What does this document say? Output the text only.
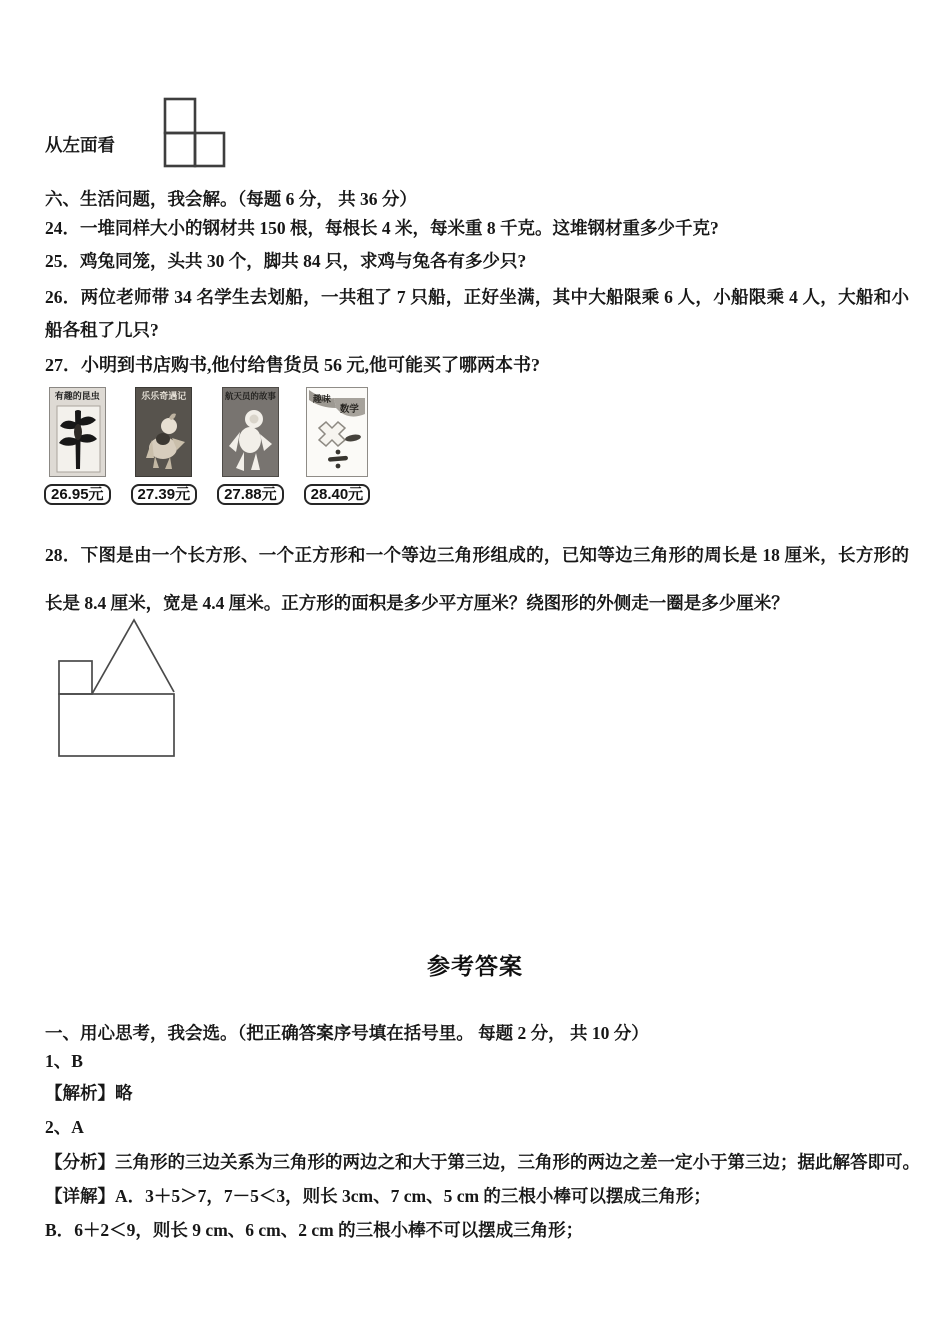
从左面看
六、生活问题，我会解。（每题 6 分， 共 36 分）
24．一堆同样大小的钢材共 150 根，每根长 4 米，每米重 8 千克。这堆钢材重多少千克?
25．鸡兔同笼，头共 30 个，脚共 84 只，求鸡与兔各有多少只?
26．两位老师带 34 名学生去划船，一共租了 7 只船，正好坐满，其中大船限乘 6 人，小船限乘 4 人，大船和小船各租了几只?
27．小明到书店购书,他付给售货员 56 元,他可能买了哪两本书?
有趣的昆虫
26.95元
乐乐奇遇记
27.39元
航天员的故事
27.88元
趣味
数学
28.40元
28．下图是由一个长方形、一个正方形和一个等边三角形组成的，已知等边三角形的周长是 18 厘米，长方形的长是 8.4 厘米，宽是 4.4 厘米。正方形的面积是多少平方厘米？绕图形的外侧走一圈是多少厘米？
参考答案
一、用心思考，我会选。（把正确答案序号填在括号里。 每题 2 分， 共 10 分）
1、B
【解析】略
2、A
【分析】三角形的三边关系为三角形的两边之和大于第三边，三角形的两边之差一定小于第三边；据此解答即可。
【详解】A．3＋5＞7，7－5＜3，则长 3cm、7 cm、5 cm 的三根小棒可以摆成三角形；
B．6＋2＜9，则长 9 cm、6 cm、2 cm 的三根小棒不可以摆成三角形；
